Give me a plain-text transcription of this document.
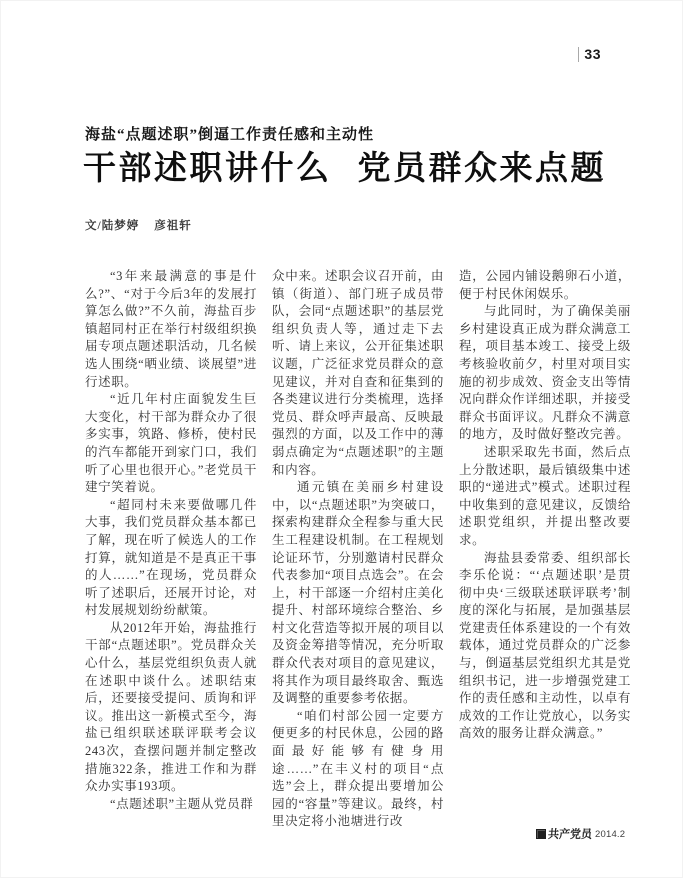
33
海盐“点题述职”倒逼工作责任感和主动性
干部述职讲什么 党员群众来点题
文/陆梦婷 彦祖轩

“3年来最满意的事是什么?”、“对于今后3年的发展打算怎么做?”不久前，海盐百步镇超同村正在举行村级组织换届专项点题述职活动，几名候选人围绕“晒业绩、谈展望”进行述职。

“近几年村庄面貌发生巨大变化，村干部为群众办了很多实事，筑路、修桥，使村民的汽车都能开到家门口，我们听了心里也很开心。”老党员干建宁笑着说。

“超同村未来要做哪几件大事，我们党员群众基本都已了解，现在听了候选人的工作打算，就知道是不是真正干事的人……”在现场，党员群众听了述职后，还展开讨论，对村发展规划纷纷献策。

从2012年开始，海盐推行干部“点题述职”。党员群众关心什么，基层党组织负责人就在述职中谈什么。述职结束后，还要接受提问、质询和评议。推出这一新模式至今，海盐已组织联述联评联考会议243次，查摆问题并制定整改措施322条，推进工作和为群众办实事193项。

“点题述职”主题从党员群

众中来。述职会议召开前，由镇（街道）、部门班子成员带队，会同“点题述职”的基层党组织负责人等，通过走下去听、请上来议，公开征集述职议题，广泛征求党员群众的意见建议，并对自查和征集到的各类建议进行分类梳理，选择党员、群众呼声最高、反映最强烈的方面，以及工作中的薄弱点确定为“点题述职”的主题和内容。

通元镇在美丽乡村建设中，以“点题述职”为突破口，探索构建群众全程参与重大民生工程建设机制。在工程规划论证环节，分别邀请村民群众代表参加“项目点选会”。在会上，村干部逐一介绍村庄美化提升、村部环境综合整治、乡村文化营造等拟开展的项目以及资金筹措等情况，充分听取群众代表对项目的意见建议，将其作为项目最终取舍、甄选及调整的重要参考依据。

“咱们村部公园一定要方便更多的村民休息，公园的路面最好能够有健身用途……”在丰义村的项目“点选”会上，群众提出要增加公园的“容量”等建议。最终，村里决定将小池塘进行改

造，公园内铺设鹅卵石小道，便于村民休闲娱乐。

与此同时，为了确保美丽乡村建设真正成为群众满意工程，项目基本竣工、接受上级考核验收前夕，村里对项目实施的初步成效、资金支出等情况向群众作详细述职，并接受群众书面评议。凡群众不满意的地方，及时做好整改完善。

述职采取先书面，然后点上分散述职，最后镇级集中述职的“递进式”模式。述职过程中收集到的意见建议，反馈给述职党组织，并提出整改要求。

海盐县委常委、组织部长李乐伦说：“‘点题述职’是贯彻中央‘三级联述联评联考’制度的深化与拓展，是加强基层党建责任体系建设的一个有效载体，通过党员群众的广泛参与，倒逼基层党组织尤其是党组织书记，进一步增强党建工作的责任感和主动性，以卓有成效的工作让党放心，以务实高效的服务让群众满意。”

共产党员 2014.2
